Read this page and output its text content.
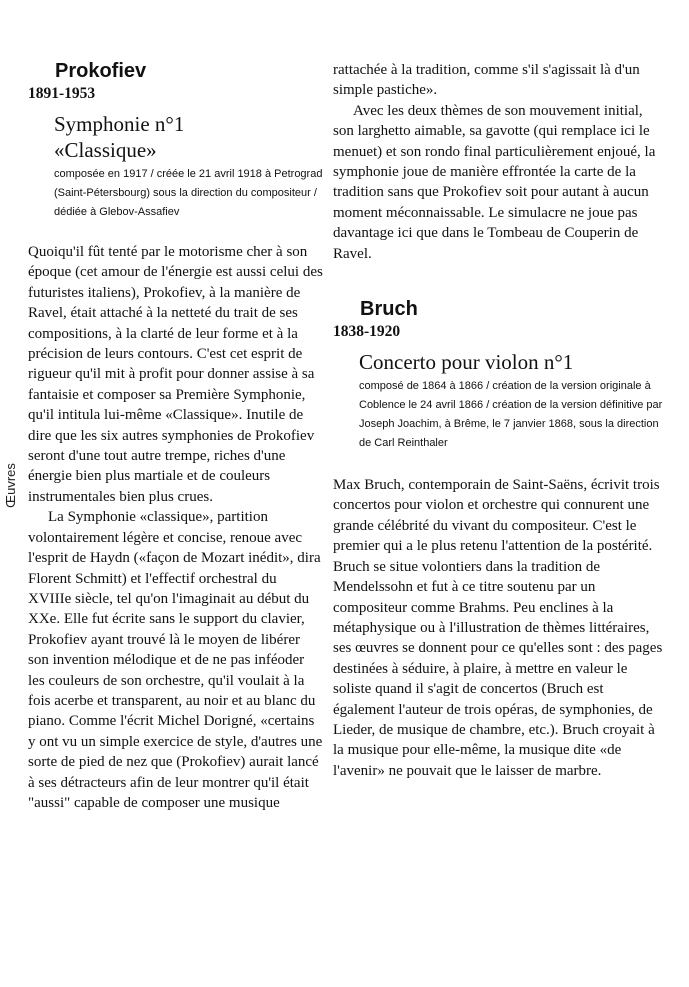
Œuvres
Prokofiev
1891-1953
Symphonie n°1
«Classique»
composée en 1917 / créée le 21 avril 1918 à Petrograd (Saint-Pétersbourg) sous la direction du compositeur / dédiée à Glebov-Assafiev

Quoiqu'il fût tenté par le motorisme cher à son époque (cet amour de l'énergie est aussi celui des futuristes italiens), Prokofiev, à la manière de Ravel, était attaché à la netteté du trait de ses compositions, à la clarté de leur forme et à la précision de leurs contours. C'est cet esprit de rigueur qu'il mit à profit pour donner assise à sa fantaisie et composer sa Première Symphonie, qu'il intitula lui-même «Classique». Inutile de dire que les six autres symphonies de Prokofiev seront d'une tout autre trempe, riches d'une énergie bien plus martiale et de couleurs instrumentales bien plus crues.

La Symphonie «classique», partition volontairement légère et concise, renoue avec l'esprit de Haydn («façon de Mozart inédit», dira Florent Schmitt) et l'effectif orchestral du XVIIIe siècle, tel qu'on l'imaginait au début du XXe. Elle fut écrite sans le support du clavier, Prokofiev ayant trouvé là le moyen de libérer son invention mélodique et de ne pas inféoder les couleurs de son orchestre, qu'il voulait à la fois acerbe et transparent, au noir et au blanc du piano. Comme l'écrit Michel Dorigné, «certains y ont vu un simple exercice de style, d'autres une sorte de pied de nez que (Prokofiev) aurait lancé à ses détracteurs afin de leur montrer qu'il était "aussi" capable de composer une musique

rattachée à la tradition, comme s'il s'agissait là d'un simple pastiche».

Avec les deux thèmes de son mouvement initial, son larghetto aimable, sa gavotte (qui remplace ici le menuet) et son rondo final particulièrement enjoué, la symphonie joue de manière effrontée la carte de la tradition sans que Prokofiev soit pour autant à aucun moment méconnaissable. Le simulacre ne joue pas davantage ici que dans le Tombeau de Couperin de Ravel.

Bruch
1838-1920
Concerto pour violon n°1
composé de 1864 à 1866 / création de la version originale à Coblence le 24 avril 1866 / création de la version définitive par Joseph Joachim, à Brême, le 7 janvier 1868, sous la direction de Carl Reinthaler

Max Bruch, contemporain de Saint-Saëns, écrivit trois concertos pour violon et orchestre qui connurent une grande célébrité du vivant du compositeur. C'est le premier qui a le plus retenu l'attention de la postérité. Bruch se situe volontiers dans la tradition de Mendelssohn et fut à ce titre soutenu par un compositeur comme Brahms. Peu enclines à la métaphysique ou à l'illustration de thèmes littéraires, ses œuvres se donnent pour ce qu'elles sont : des pages destinées à séduire, à plaire, à mettre en valeur le soliste quand il s'agit de concertos (Bruch est également l'auteur de trois opéras, de symphonies, de Lieder, de musique de chambre, etc.). Bruch croyait à la musique pour elle-même, la musique dite «de l'avenir» ne pouvait que le laisser de marbre.
